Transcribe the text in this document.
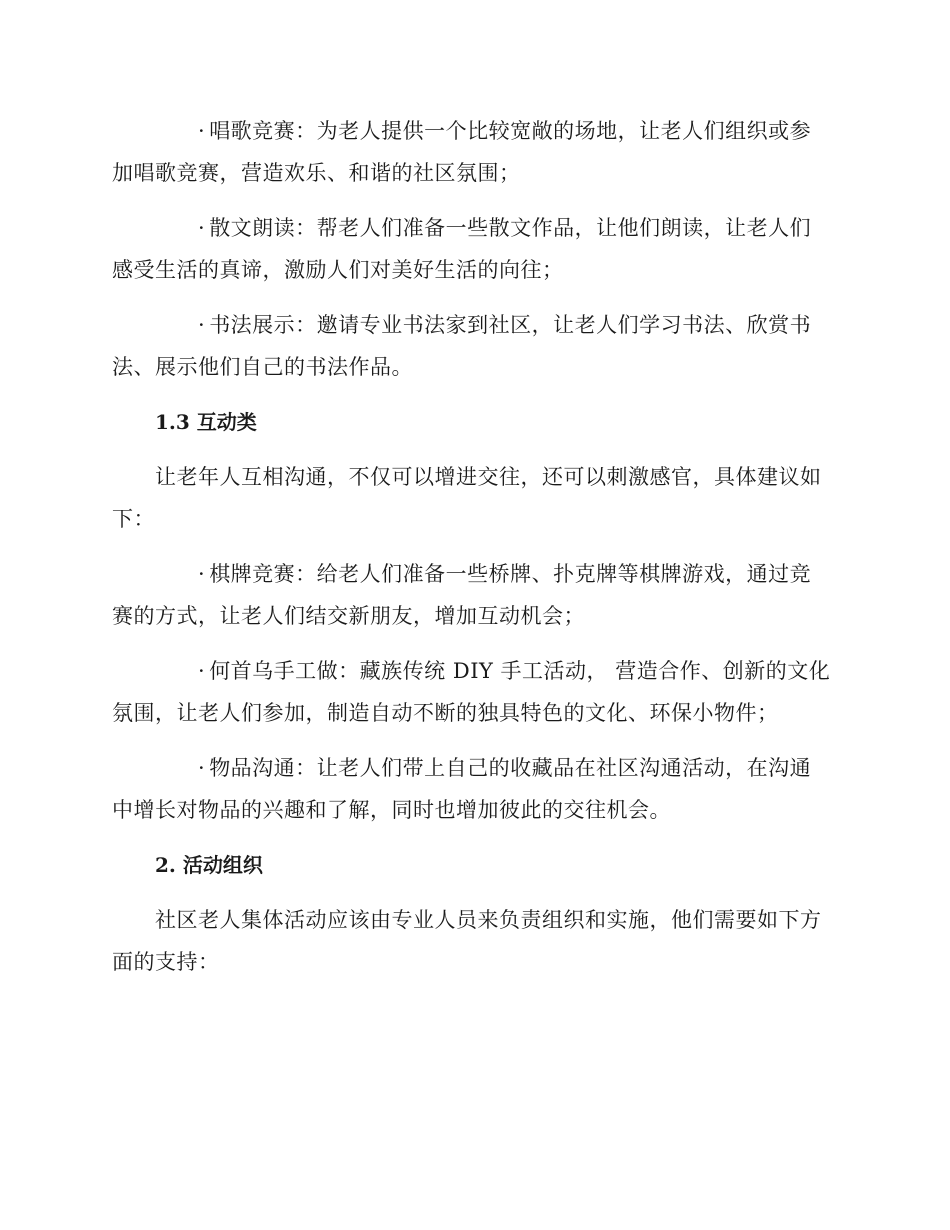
· 唱歌竞赛：为老人提供一个比较宽敞的场地，让老人们组织或参加唱歌竞赛，营造欢乐、和谐的社区氛围；

· 散文朗读：帮老人们准备一些散文作品，让他们朗读，让老人们感受生活的真谛，激励人们对美好生活的向往；

· 书法展示：邀请专业书法家到社区，让老人们学习书法、欣赏书法、展示他们自己的书法作品。

1.3 互动类

让老年人互相沟通，不仅可以增进交往，还可以刺激感官，具体建议如下：

· 棋牌竞赛：给老人们准备一些桥牌、扑克牌等棋牌游戏，通过竞赛的方式，让老人们结交新朋友，增加互动机会；

· 何首乌手工做：藏族传统 DIY 手工活动， 营造合作、创新的文化氛围，让老人们参加，制造自动不断的独具特色的文化、环保小物件；

· 物品沟通：让老人们带上自己的收藏品在社区沟通活动，在沟通中增长对物品的兴趣和了解，同时也增加彼此的交往机会。

2. 活动组织

社区老人集体活动应该由专业人员来负责组织和实施，他们需要如下方面的支持：
